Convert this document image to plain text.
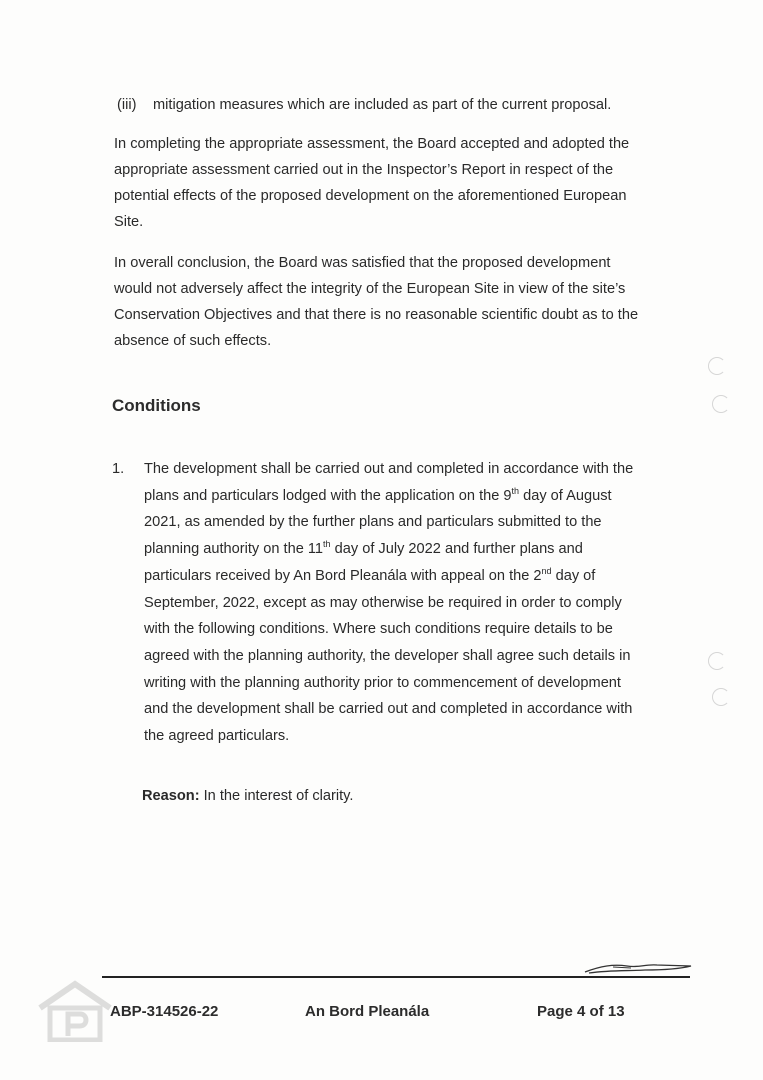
(iii) mitigation measures which are included as part of the current proposal.

In completing the appropriate assessment, the Board accepted and adopted the appropriate assessment carried out in the Inspector’s Report in respect of the potential effects of the proposed development on the aforementioned European Site.

In overall conclusion, the Board was satisfied that the proposed development would not adversely affect the integrity of the European Site in view of the site’s Conservation Objectives and that there is no reasonable scientific doubt as to the absence of such effects.

Conditions
1. The development shall be carried out and completed in accordance with the plans and particulars lodged with the application on the 9th day of August 2021, as amended by the further plans and particulars submitted to the planning authority on the 11th day of July 2022 and further plans and particulars received by An Bord Pleanála with appeal on the 2nd day of September, 2022, except as may otherwise be required in order to comply with the following conditions. Where such conditions require details to be agreed with the planning authority, the developer shall agree such details in writing with the planning authority prior to commencement of development and the development shall be carried out and completed in accordance with the agreed particulars.

Reason: In the interest of clarity.

ABP-314526-22	An Bord Pleanála	Page 4 of 13
